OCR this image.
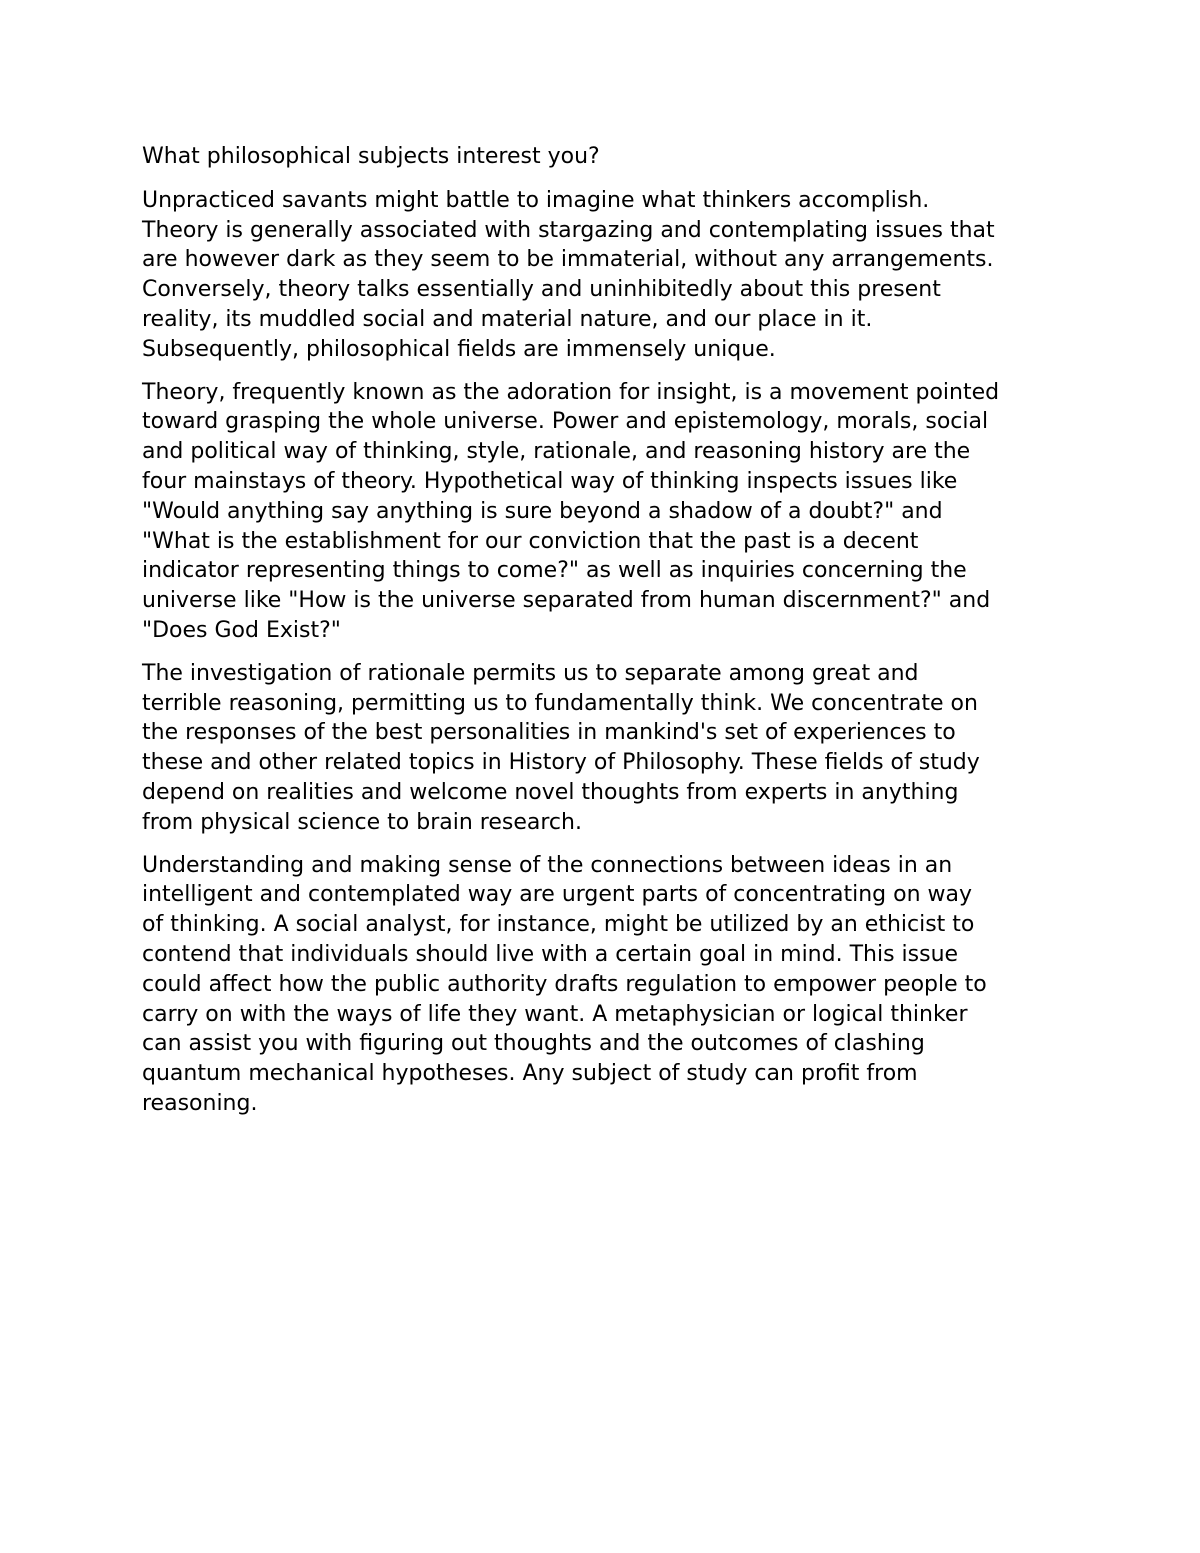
What philosophical subjects interest you?
Unpracticed savants might battle to imagine what thinkers accomplish.
Theory is generally associated with stargazing and contemplating issues that
are however dark as they seem to be immaterial, without any arrangements.
Conversely, theory talks essentially and uninhibitedly about this present
reality, its muddled social and material nature, and our place in it.
Subsequently, philosophical fields are immensely unique.
Theory, frequently known as the adoration for insight, is a movement pointed
toward grasping the whole universe. Power and epistemology, morals, social
and political way of thinking, style, rationale, and reasoning history are the
four mainstays of theory. Hypothetical way of thinking inspects issues like
"Would anything say anything is sure beyond a shadow of a doubt?" and
"What is the establishment for our conviction that the past is a decent
indicator representing things to come?" as well as inquiries concerning the
universe like "How is the universe separated from human discernment?" and
"Does God Exist?"
The investigation of rationale permits us to separate among great and
terrible reasoning, permitting us to fundamentally think. We concentrate on
the responses of the best personalities in mankind's set of experiences to
these and other related topics in History of Philosophy. These fields of study
depend on realities and welcome novel thoughts from experts in anything
from physical science to brain research.
Understanding and making sense of the connections between ideas in an
intelligent and contemplated way are urgent parts of concentrating on way
of thinking. A social analyst, for instance, might be utilized by an ethicist to
contend that individuals should live with a certain goal in mind. This issue
could affect how the public authority drafts regulation to empower people to
carry on with the ways of life they want. A metaphysician or logical thinker
can assist you with figuring out thoughts and the outcomes of clashing
quantum mechanical hypotheses. Any subject of study can profit from
reasoning.
